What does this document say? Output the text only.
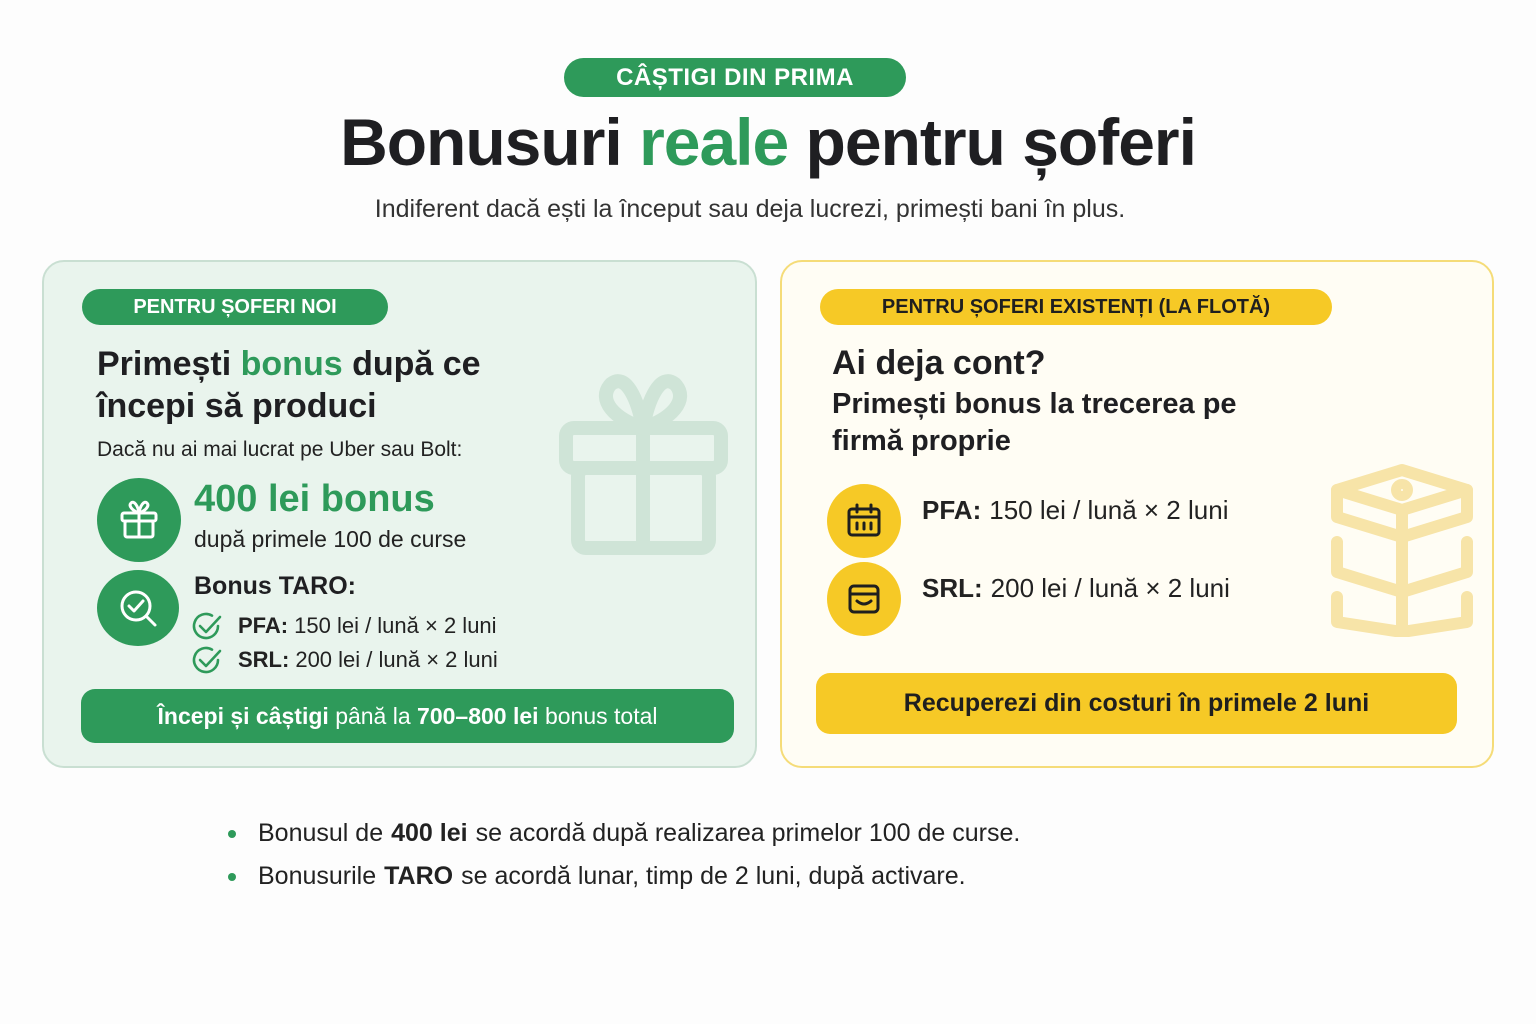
CÂȘTIGI DIN PRIMA
Bonusuri reale pentru șoferi
Indiferent dacă ești la început sau deja lucrezi, primești bani în plus.
PENTRU ȘOFERI NOI
Primești bonus după ce începi să produci
Dacă nu ai mai lucrat pe Uber sau Bolt:
400 lei bonus
după primele 100 de curse
Bonus TARO:
PFA: 150 lei / lună × 2 luni
SRL: 200 lei / lună × 2 luni
Începi și câștigi
până la
700–800 lei
bonus total
PENTRU ȘOFERI EXISTENȚI (LA FLOTĂ)
Ai deja cont?
Primești bonus la trecerea pe firmă proprie
PFA: 150 lei / lună × 2 luni
SRL: 200 lei / lună × 2 luni
Recuperezi din costuri în primele 2 luni
Bonusul de 400 lei se acordă după realizarea primelor 100 de curse.
Bonusurile TARO se acordă lunar, timp de 2 luni, după activare.
